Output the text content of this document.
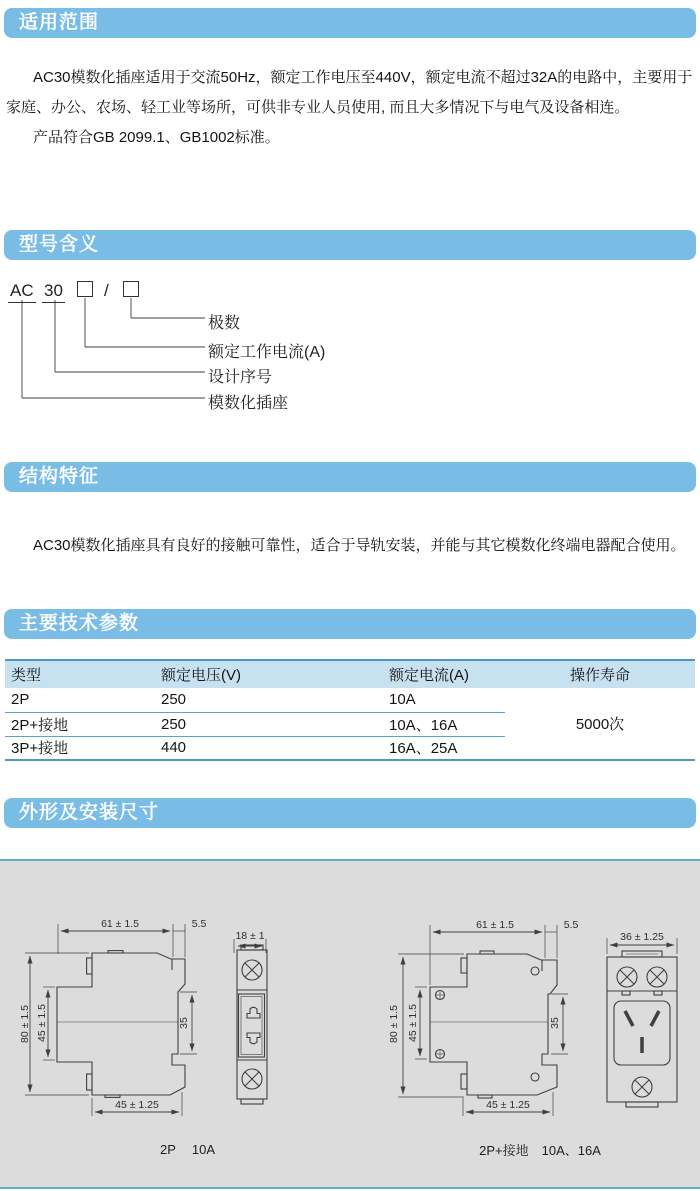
适用范围
AC30模数化插座适用于交流50Hz，额定工作电压至440V，额定电流不超过32A的电路中，主要用于
家庭、办公、农场、轻工业等场所，可供非专业人员使用, 而且大多情况下与电气及设备相连。
产品符合GB 2099.1、GB1002标准。
型号含义
AC 30 /
极数
额定工作电流(A)
设计序号
模数化插座
结构特征
AC30模数化插座具有良好的接触可靠性，适合于导轨安装，并能与其它模数化终端电器配合使用。
主要技术参数
类型	额定电压(V)	额定电流(A)	操作寿命
2P	250	10A	5000次
2P+接地	250	10A、16A	
3P+接地	440	16A、25A	
外形及安装尺寸
61 ± 1.5	5.5
18 ± 1
80 ± 1.5 45 ± 1.5	35
45 ± 1.25
2P 10A
61 ± 1.5	5.5
36 ± 1.25
80 ± 1.5 45 ± 1.5	35
45 ± 1.25
2P+接地 10A、16A
